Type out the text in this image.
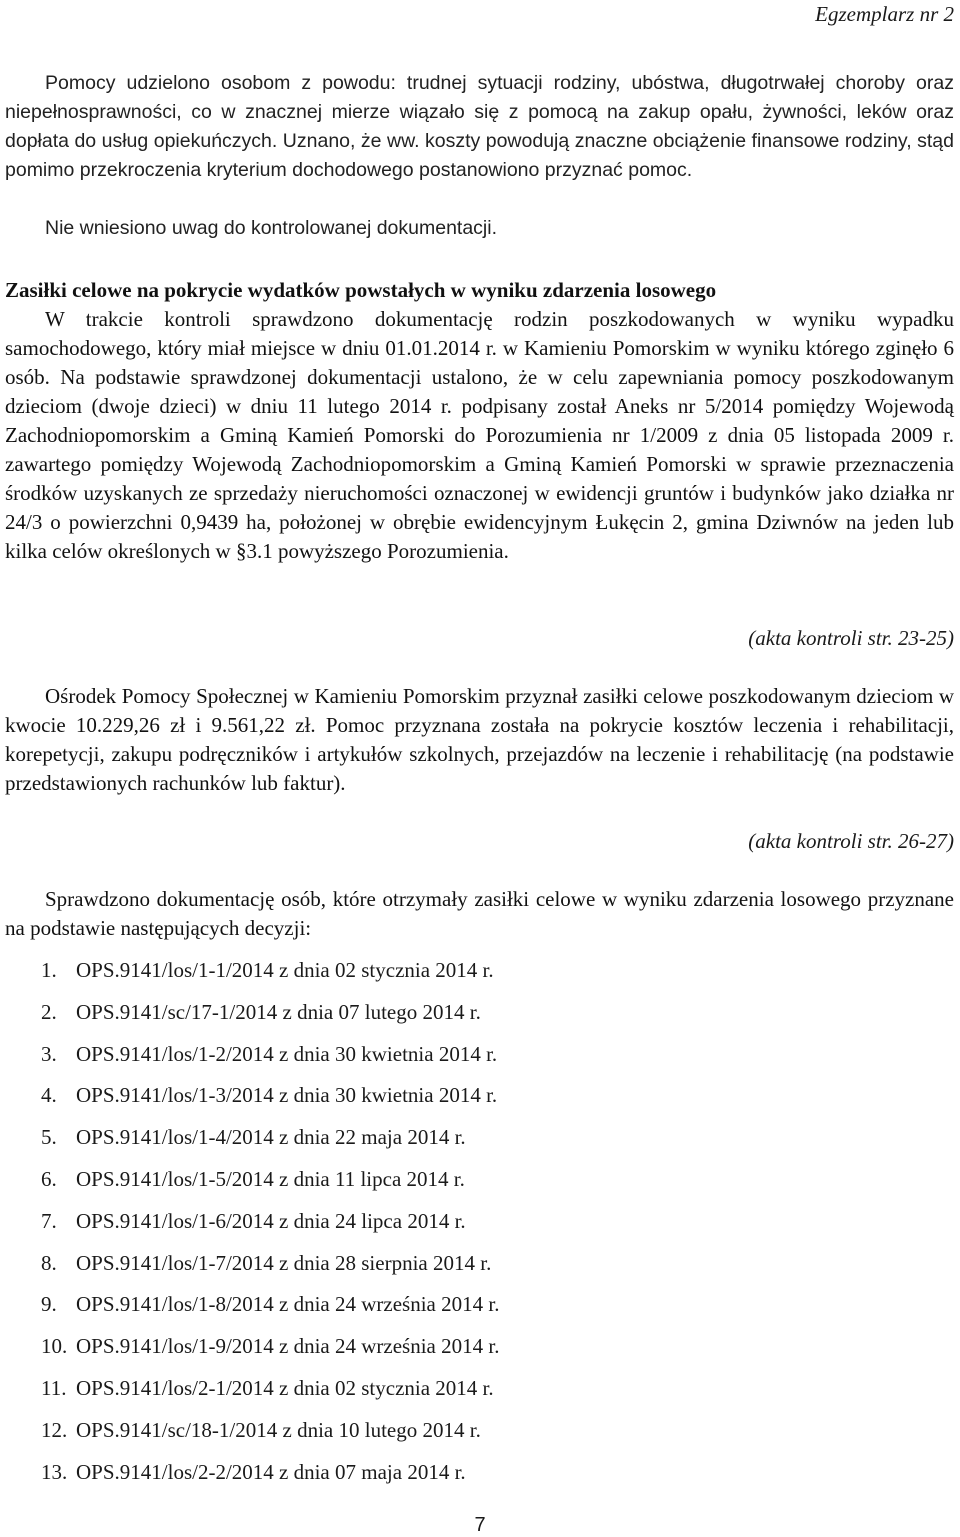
Egzemplarz nr 2

Pomocy udzielono osobom z powodu: trudnej sytuacji rodziny, ubóstwa, długotrwałej choroby oraz niepełnosprawności, co w znacznej mierze wiązało się z pomocą na zakup opału, żywności, leków oraz dopłata do usług opiekuńczych. Uznano, że ww. koszty powodują znaczne obciążenie finansowe rodziny, stąd pomimo przekroczenia kryterium dochodowego postanowiono przyznać pomoc.

Nie wniesiono uwag do kontrolowanej dokumentacji.

Zasiłki celowe na pokrycie wydatków powstałych w wyniku zdarzenia losowego

W trakcie kontroli sprawdzono dokumentację rodzin poszkodowanych w wyniku wypadku samochodowego, który miał miejsce w dniu 01.01.2014 r. w Kamieniu Pomorskim w wyniku którego zginęło 6 osób. Na podstawie sprawdzonej dokumentacji ustalono, że w celu zapewniania pomocy poszkodowanym dzieciom (dwoje dzieci) w dniu 11 lutego 2014 r. podpisany został Aneks nr 5/2014 pomiędzy Wojewodą Zachodniopomorskim a Gminą Kamień Pomorski do Porozumienia nr 1/2009 z dnia 05 listopada 2009 r. zawartego pomiędzy Wojewodą Zachodniopomorskim a Gminą Kamień Pomorski w sprawie przeznaczenia środków uzyskanych ze sprzedaży nieruchomości oznaczonej w ewidencji gruntów i budynków jako działka nr 24/3 o powierzchni 0,9439 ha, położonej w obrębie ewidencyjnym Łukęcin 2, gmina Dziwnów na jeden lub kilka celów określonych w §3.1 powyższego Porozumienia.

(akta kontroli str. 23-25)

Ośrodek Pomocy Społecznej w Kamieniu Pomorskim przyznał zasiłki celowe poszkodowanym dzieciom w kwocie 10.229,26 zł i 9.561,22 zł. Pomoc przyznana została na pokrycie kosztów leczenia i rehabilitacji, korepetycji, zakupu podręczników i artykułów szkolnych, przejazdów na leczenie i rehabilitację (na podstawie przedstawionych rachunków lub faktur).

(akta kontroli str. 26-27)

Sprawdzono dokumentację osób, które otrzymały zasiłki celowe w wyniku zdarzenia losowego przyznane na podstawie następujących decyzji:

1. OPS.9141/los/1-1/2014 z dnia 02 stycznia 2014 r.
2. OPS.9141/sc/17-1/2014 z dnia 07 lutego 2014 r.
3. OPS.9141/los/1-2/2014 z dnia 30 kwietnia 2014 r.
4. OPS.9141/los/1-3/2014 z dnia 30 kwietnia 2014 r.
5. OPS.9141/los/1-4/2014 z dnia 22 maja 2014 r.
6. OPS.9141/los/1-5/2014 z dnia 11 lipca 2014 r.
7. OPS.9141/los/1-6/2014 z dnia 24 lipca 2014 r.
8. OPS.9141/los/1-7/2014 z dnia 28 sierpnia 2014 r.
9. OPS.9141/los/1-8/2014 z dnia 24 września 2014 r.
10. OPS.9141/los/1-9/2014 z dnia 24 września 2014 r.
11. OPS.9141/los/2-1/2014 z dnia 02 stycznia 2014 r.
12. OPS.9141/sc/18-1/2014 z dnia 10 lutego 2014 r.
13. OPS.9141/los/2-2/2014 z dnia 07 maja 2014 r.
7
